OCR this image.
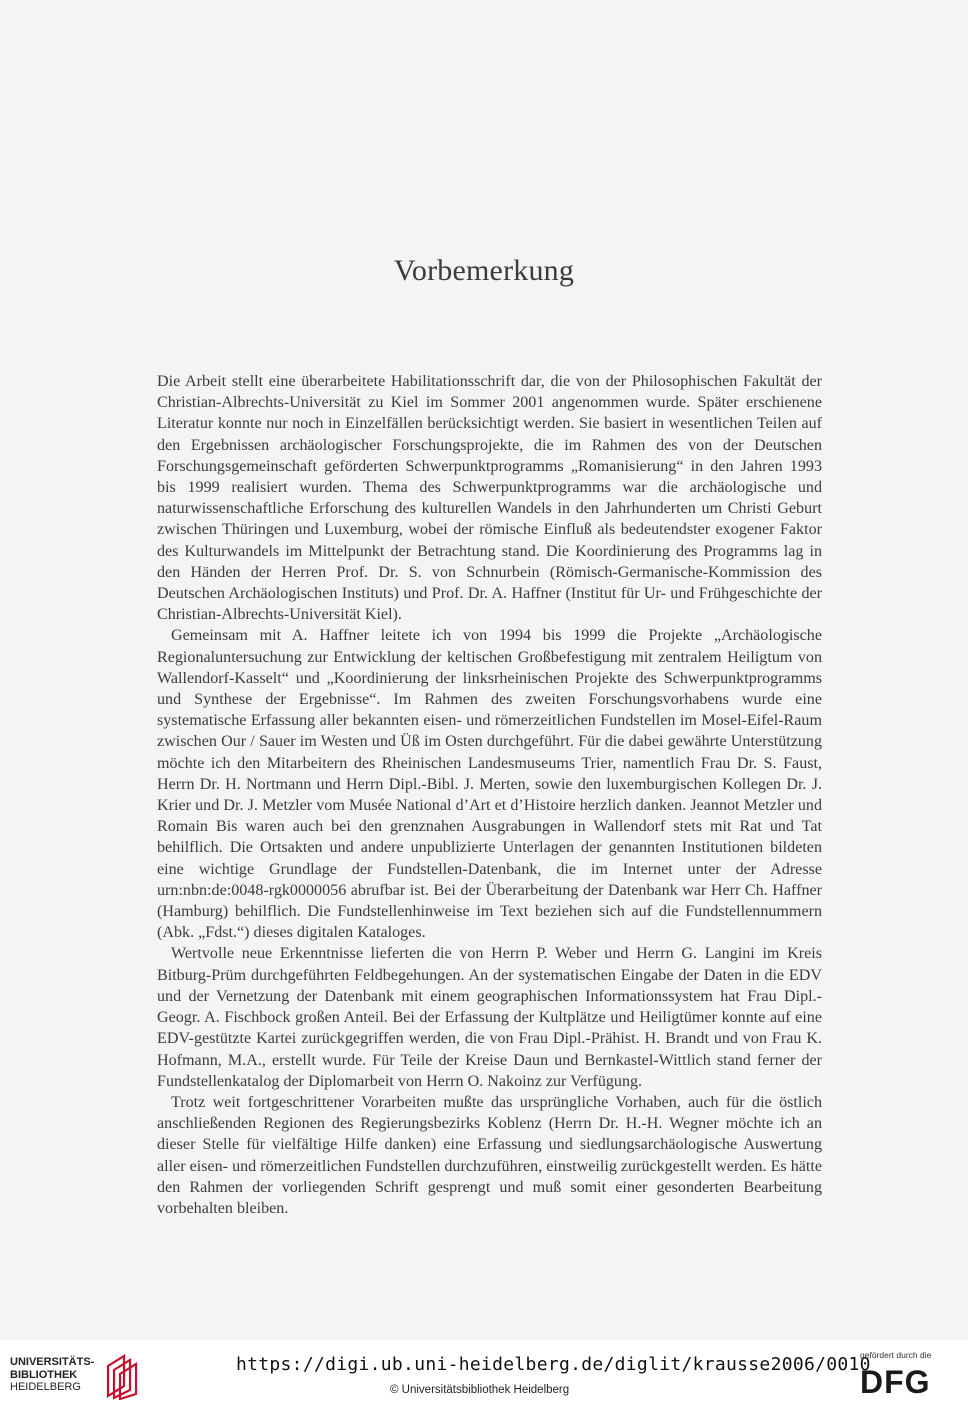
Vorbemerkung

Die Arbeit stellt eine überarbeitete Habilitationsschrift dar, die von der Philosophischen Fakultät der Christian-Albrechts-Universität zu Kiel im Sommer 2001 angenommen wurde. Später erschienene Literatur konnte nur noch in Einzelfällen berücksichtigt werden. Sie basiert in wesentlichen Teilen auf den Ergebnissen archäologischer Forschungsprojekte, die im Rahmen des von der Deutschen Forschungsgemeinschaft geförderten Schwerpunktprogramms „Romanisierung“ in den Jahren 1993 bis 1999 realisiert wurden. Thema des Schwerpunktprogramms war die archäologische und naturwissenschaftliche Erforschung des kulturellen Wandels in den Jahrhunderten um Christi Geburt zwischen Thüringen und Luxemburg, wobei der römische Einfluß als bedeutendster exogener Faktor des Kulturwandels im Mittelpunkt der Betrachtung stand. Die Koordinierung des Programms lag in den Händen der Herren Prof. Dr. S. von Schnurbein (Römisch-Germanische-Kommission des Deutschen Archäologischen Instituts) und Prof. Dr. A. Haffner (Institut für Ur- und Frühgeschichte der Christian-Albrechts-Universität Kiel).

Gemeinsam mit A. Haffner leitete ich von 1994 bis 1999 die Projekte „Archäologische Regionaluntersuchung zur Entwicklung der keltischen Großbefestigung mit zentralem Heiligtum von Wallendorf-Kasselt“ und „Koordinierung der linksrheinischen Projekte des Schwerpunktprogramms und Synthese der Ergebnisse“. Im Rahmen des zweiten Forschungsvorhabens wurde eine systematische Erfassung aller bekannten eisen- und römerzeitlichen Fundstellen im Mosel-Eifel-Raum zwischen Our / Sauer im Westen und Üß im Osten durchgeführt. Für die dabei gewährte Unterstützung möchte ich den Mitarbeitern des Rheinischen Landesmuseums Trier, namentlich Frau Dr. S. Faust, Herrn Dr. H. Nortmann und Herrn Dipl.-Bibl. J. Merten, sowie den luxemburgischen Kollegen Dr. J. Krier und Dr. J. Metzler vom Musée National d’Art et d’Histoire herzlich danken. Jeannot Metzler und Romain Bis waren auch bei den grenznahen Ausgrabungen in Wallendorf stets mit Rat und Tat behilflich. Die Ortsakten und andere unpublizierte Unterlagen der genannten Institutionen bildeten eine wichtige Grundlage der Fundstellen-Datenbank, die im Internet unter der Adresse urn:nbn:de:0048-rgk0000056 abrufbar ist. Bei der Überarbeitung der Datenbank war Herr Ch. Haffner (Hamburg) behilflich. Die Fundstellenhinweise im Text beziehen sich auf die Fundstellennummern (Abk. „Fdst.“) dieses digitalen Kataloges.

Wertvolle neue Erkenntnisse lieferten die von Herrn P. Weber und Herrn G. Langini im Kreis Bitburg-Prüm durchgeführten Feldbegehungen. An der systematischen Eingabe der Daten in die EDV und der Vernetzung der Datenbank mit einem geographischen Informationssystem hat Frau Dipl.-Geogr. A. Fischbock großen Anteil. Bei der Erfassung der Kultplätze und Heiligtümer konnte auf eine EDV-gestützte Kartei zurückgegriffen werden, die von Frau Dipl.-Prähist. H. Brandt und von Frau K. Hofmann, M.A., erstellt wurde. Für Teile der Kreise Daun und Bernkastel-Wittlich stand ferner der Fundstellenkatalog der Diplomarbeit von Herrn O. Nakoinz zur Verfügung.

Trotz weit fortgeschrittener Vorarbeiten mußte das ursprüngliche Vorhaben, auch für die östlich anschließenden Regionen des Regierungsbezirks Koblenz (Herrn Dr. H.-H. Wegner möchte ich an dieser Stelle für vielfältige Hilfe danken) eine Erfassung und siedlungsarchäologische Auswertung aller eisen- und römerzeitlichen Fundstellen durchzuführen, einstweilig zurückgestellt werden. Es hätte den Rahmen der vorliegenden Schrift gesprengt und muß somit einer gesonderten Bearbeitung vorbehalten bleiben.

UNIVERSITÄTS-
BIBLIOTHEK
HEIDELBERG
https://digi.ub.uni-heidelberg.de/diglit/krausse2006/0010
© Universitätsbibliothek Heidelberg
gefördert durch die
DFG
